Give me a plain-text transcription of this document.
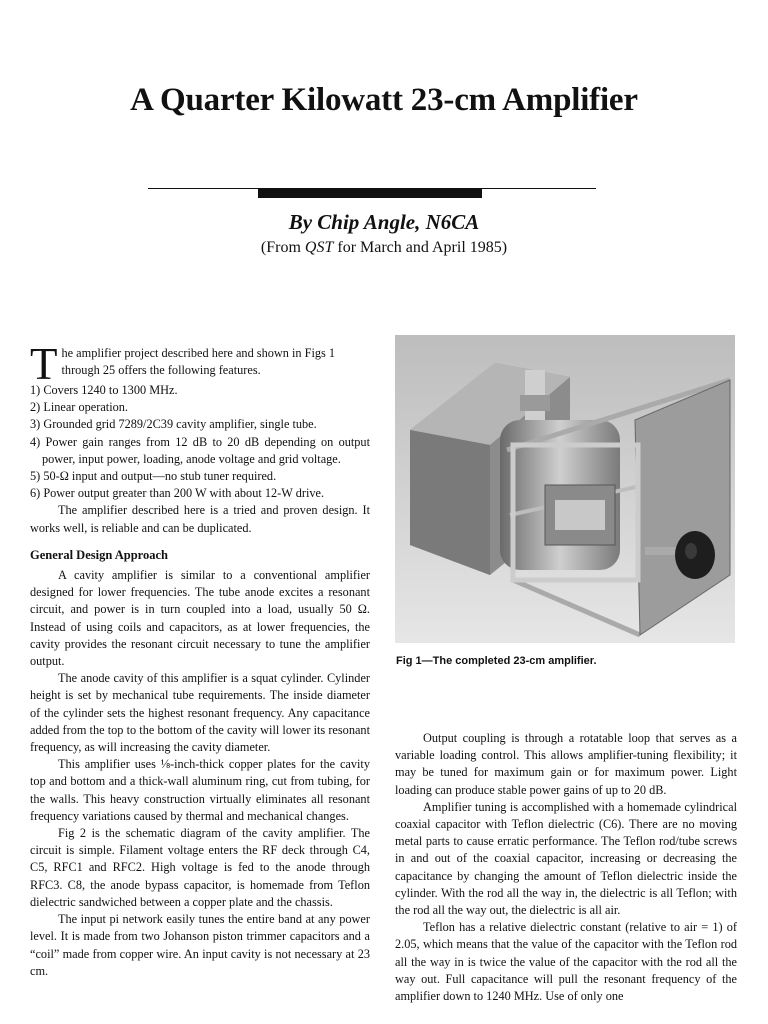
A Quarter Kilowatt 23-cm Amplifier
By Chip Angle, N6CA
(From QST for March and April 1985)

The amplifier project described here and shown in Figs 1
through 25 offers the following features.

1) Covers 1240 to 1300 MHz.

2) Linear operation.

3) Grounded grid 7289/2C39 cavity amplifier, single tube.

4) Power gain ranges from 12 dB to 20 dB depending on output power, input power, loading, anode voltage and grid voltage.

5) 50-Ω input and output—no stub tuner required.

6) Power output greater than 200 W with about 12-W drive.

The amplifier described here is a tried and proven design. It works well, is reliable and can be duplicated.

General Design Approach

A cavity amplifier is similar to a conventional amplifier designed for lower frequencies. The tube anode excites a resonant circuit, and power is in turn coupled into a load, usually 50 Ω. Instead of using coils and capacitors, as at lower frequencies, the cavity provides the resonant circuit necessary to tune the amplifier output.

The anode cavity of this amplifier is a squat cylinder. Cylinder height is set by mechanical tube requirements. The inside diameter of the cylinder sets the highest resonant frequency. Any capacitance added from the top to the bottom of the cavity will lower its resonant frequency, as will increasing the cavity diameter.

This amplifier uses ⅛-inch-thick copper plates for the cavity top and bottom and a thick-wall aluminum ring, cut from tubing, for the walls. This heavy construction virtually eliminates all resonant frequency variations caused by thermal and mechanical changes.

Fig 2 is the schematic diagram of the cavity amplifier. The circuit is simple. Filament voltage enters the RF deck through C4, C5, RFC1 and RFC2. High voltage is fed to the anode through RFC3. C8, the anode bypass capacitor, is homemade from Teflon dielectric sandwiched between a copper plate and the chassis.

The input pi network easily tunes the entire band at any power level. It is made from two Johanson piston trimmer capacitors and a “coil” made from copper wire. An input cavity is not necessary at 23 cm.

Fig 1—The completed 23-cm amplifier.

Output coupling is through a rotatable loop that serves as a variable loading control. This allows amplifier-tuning flexibility; it may be tuned for maximum gain or for maximum power. Light loading can produce stable power gains of up to 20 dB.

Amplifier tuning is accomplished with a homemade cylindrical coaxial capacitor with Teflon dielectric (C6). There are no moving metal parts to cause erratic performance. The Teflon rod/tube screws in and out of the coaxial capacitor, increasing or decreasing the capacitance by changing the amount of Teflon dielectric inside the cylinder. With the rod all the way in, the dielectric is all Teflon; with the rod all the way out, the dielectric is all air.

Teflon has a relative dielectric constant (relative to air = 1) of 2.05, which means that the value of the capacitor with the Teflon rod all the way in is twice the value of the capacitor with the rod all the way out. Full capacitance will pull the resonant frequency of the amplifier down to 1240 MHz. Use of only one
